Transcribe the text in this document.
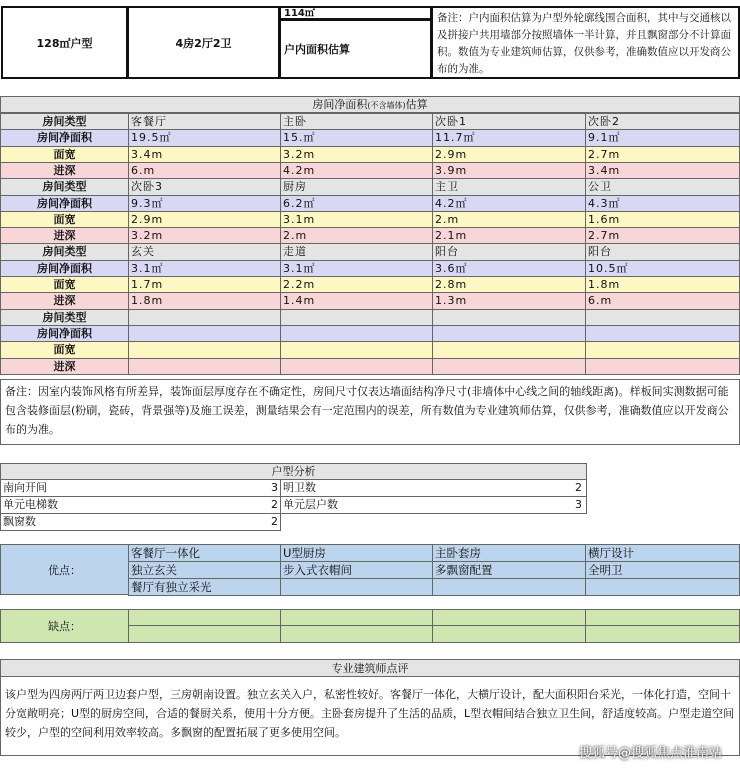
128㎡户型	4房2厅2卫
114㎡
户内面积估算
备注：户内面积估算为户型外轮廓线围合面积，其中与交通核以及拼接户共用墙部分按照墙体一半计算，并且飘窗部分不计算面积。数值为专业建筑师估算，仅供参考，准确数值应以开发商公布的为准。
房间净面积(不含墙体)估算
房间类型	客餐厅	主卧	次卧1	次卧2
房间净面积	19.5㎡	15.㎡	11.7㎡	9.1㎡
面宽	3.4m	3.2m	2.9m	2.7m
进深	6.m	4.2m	3.9m	3.4m
房间类型	次卧3	厨房	主卫	公卫
房间净面积	9.3㎡	6.2㎡	4.2㎡	4.3㎡
面宽	2.9m	3.1m	2.m	1.6m
进深	3.2m	2.m	2.1m	2.7m
房间类型	玄关	走道	阳台	阳台
房间净面积	3.1㎡	3.1㎡	3.6㎡	10.5㎡
面宽	1.7m	2.2m	2.8m	1.8m
进深	1.8m	1.4m	1.3m	6.m
房间类型
房间净面积
面宽
进深
备注：因室内装饰风格有所差异，装饰面层厚度存在不确定性，房间尺寸仅表达墙面结构净尺寸(非墙体中心线之间的轴线距离)。样板间实测数据可能包含装修面层(粉刷，瓷砖，背景强等)及施工误差，测量结果会有一定范围内的误差，所有数值为专业建筑师估算，仅供参考，准确数值应以开发商公布的为准。
户型分析
南向开间	3 明卫数	2
单元电梯数	2 单元层户数	3
飘窗数	2
优点：
客餐厅一体化	U型厨房	主卧套房	横厅设计
独立玄关	步入式衣帽间	多飘窗配置	全明卫
餐厅有独立采光
缺点：
专业建筑师点评
该户型为四房两厅两卫边套户型，三房朝南设置。独立玄关入户，私密性较好。客餐厅一体化，大横厅设计，配大面积阳台采光，一体化打造，空间十分宽敞明亮；U型的厨房空间，合适的餐厨关系，使用十分方便。主卧套房提升了生活的品质，L型衣帽间结合独立卫生间，舒适度较高。户型走道空间较少，户型的空间利用效率较高。多飘窗的配置拓展了更多使用空间。
搜狐号@搜狐焦点淮南站
